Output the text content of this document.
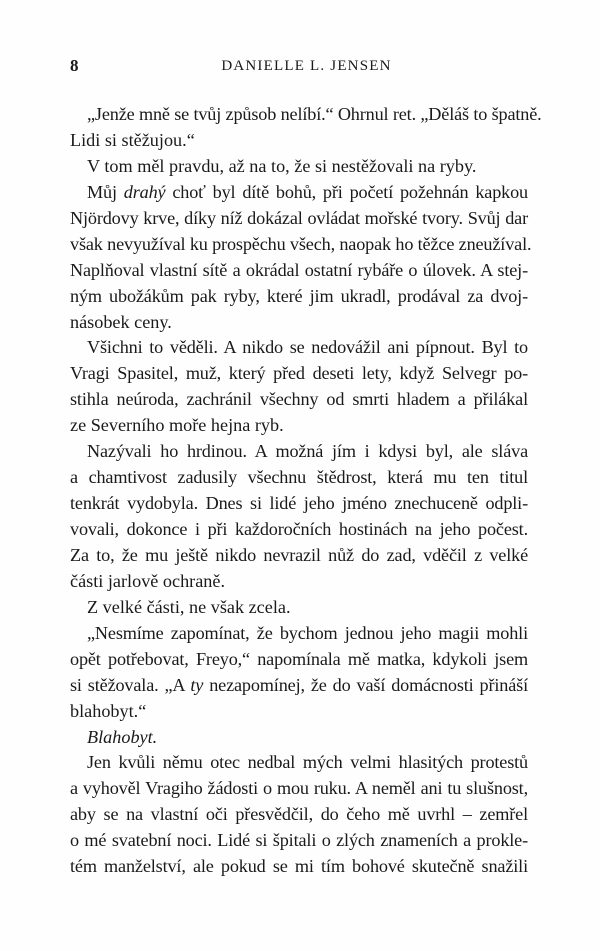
8	DANIELLE L. JENSEN
„Jenže mně se tvůj způsob nelíbí.“ Ohrnul ret. „Děláš to špatně.
Lidi si stěžujou.“
V tom měl pravdu, až na to, že si nestěžovali na ryby.
Můj drahý choť byl dítě bohů, při početí požehnán kapkou
Njördovy krve, díky níž dokázal ovládat mořské tvory. Svůj dar
však nevyužíval ku prospěchu všech, naopak ho těžce zneužíval.
Naplňoval vlastní sítě a okrádal ostatní rybáře o úlovek. A stej-
ným ubožákům pak ryby, které jim ukradl, prodával za dvoj-
násobek ceny.
Všichni to věděli. A nikdo se nedovážil ani pípnout. Byl to
Vragi Spasitel, muž, který před deseti lety, když Selvegr po-
stihla neúroda, zachránil všechny od smrti hladem a přilákal
ze Severního moře hejna ryb.
Nazývali ho hrdinou. A možná jím i kdysi byl, ale sláva
a chamtivost zadusily všechnu štědrost, která mu ten titul
tenkrát vydobyla. Dnes si lidé jeho jméno znechuceně odpli-
vovali, dokonce i při každoročních hostinách na jeho počest.
Za to, že mu ještě nikdo nevrazil nůž do zad, vděčil z velké
části jarlově ochraně.
Z velké části, ne však zcela.
„Nesmíme zapomínat, že bychom jednou jeho magii mohli
opět potřebovat, Freyo,“ napomínala mě matka, kdykoli jsem
si stěžovala. „A ty nezapomínej, že do vaší domácnosti přináší
blahobyt.“
Blahobyt.
Jen kvůli němu otec nedbal mých velmi hlasitých protestů
a vyhověl Vragiho žádosti o mou ruku. A neměl ani tu slušnost,
aby se na vlastní oči přesvědčil, do čeho mě uvrhl – zemřel
o mé svatební noci. Lidé si špitali o zlých znameních a prokle-
tém manželství, ale pokud se mi tím bohové skutečně snažili
